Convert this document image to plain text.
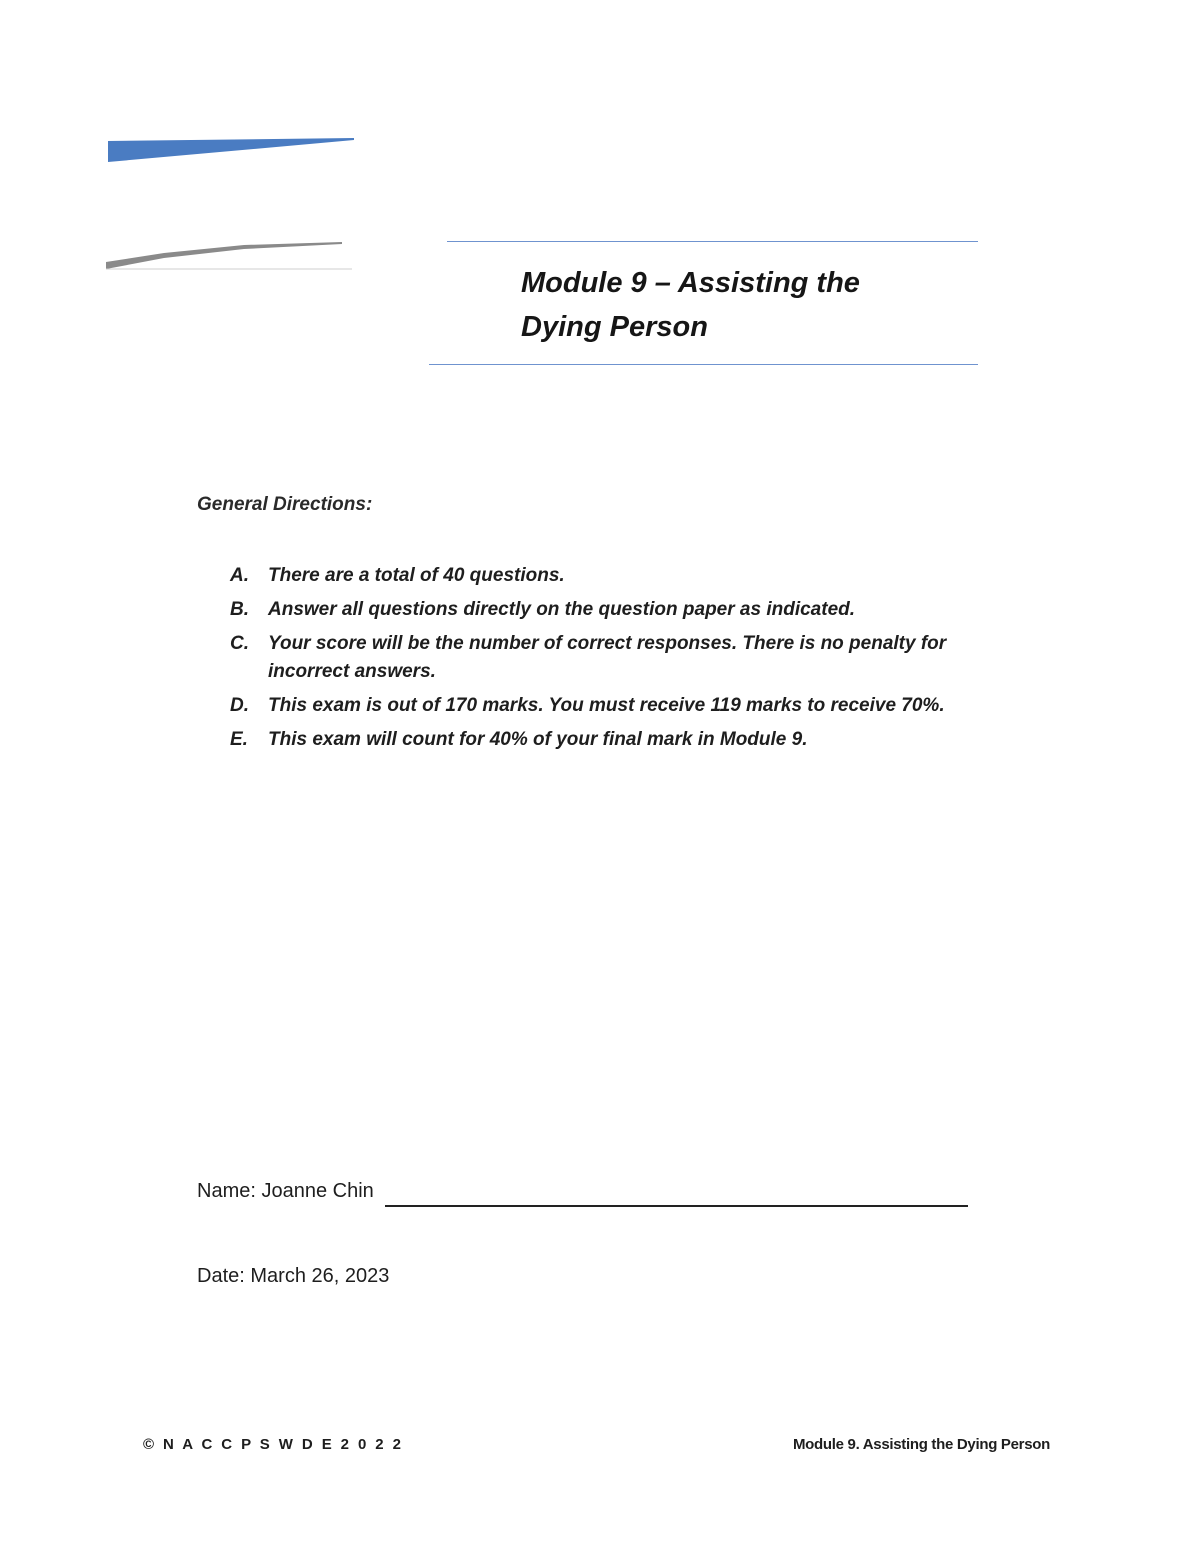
Module 9 – Assisting the
Dying Person

General Directions:

A. There are a total of 40 questions.
B. Answer all questions directly on the question paper as indicated.
C. Your score will be the number of correct responses. There is no penalty for incorrect answers.
D. This exam is out of 170 marks. You must receive 119 marks to receive 70%.
E. This exam will count for 40% of your final mark in Module 9.
Name: Joanne Chin
Date: March 26, 2023
© N A C C P S W D E 2 0 2 2	Module 9. Assisting the Dying Person
